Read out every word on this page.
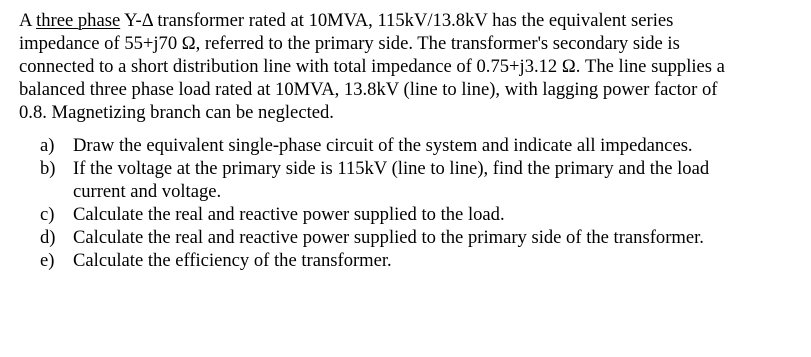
A three phase Y-Δ transformer rated at 10MVA, 115kV/13.8kV has the equivalent series
impedance of 55+j70 Ω, referred to the primary side. The transformer's secondary side is
connected to a short distribution line with total impedance of 0.75+j3.12 Ω. The line supplies a
balanced three phase load rated at 10MVA, 13.8kV (line to line), with lagging power factor of
0.8. Magnetizing branch can be neglected.
a) Draw the equivalent single-phase circuit of the system and indicate all impedances.
b) If the voltage at the primary side is 115kV (line to line), find the primary and the load
current and voltage.
c) Calculate the real and reactive power supplied to the load.
d) Calculate the real and reactive power supplied to the primary side of the transformer.
e) Calculate the efficiency of the transformer.
